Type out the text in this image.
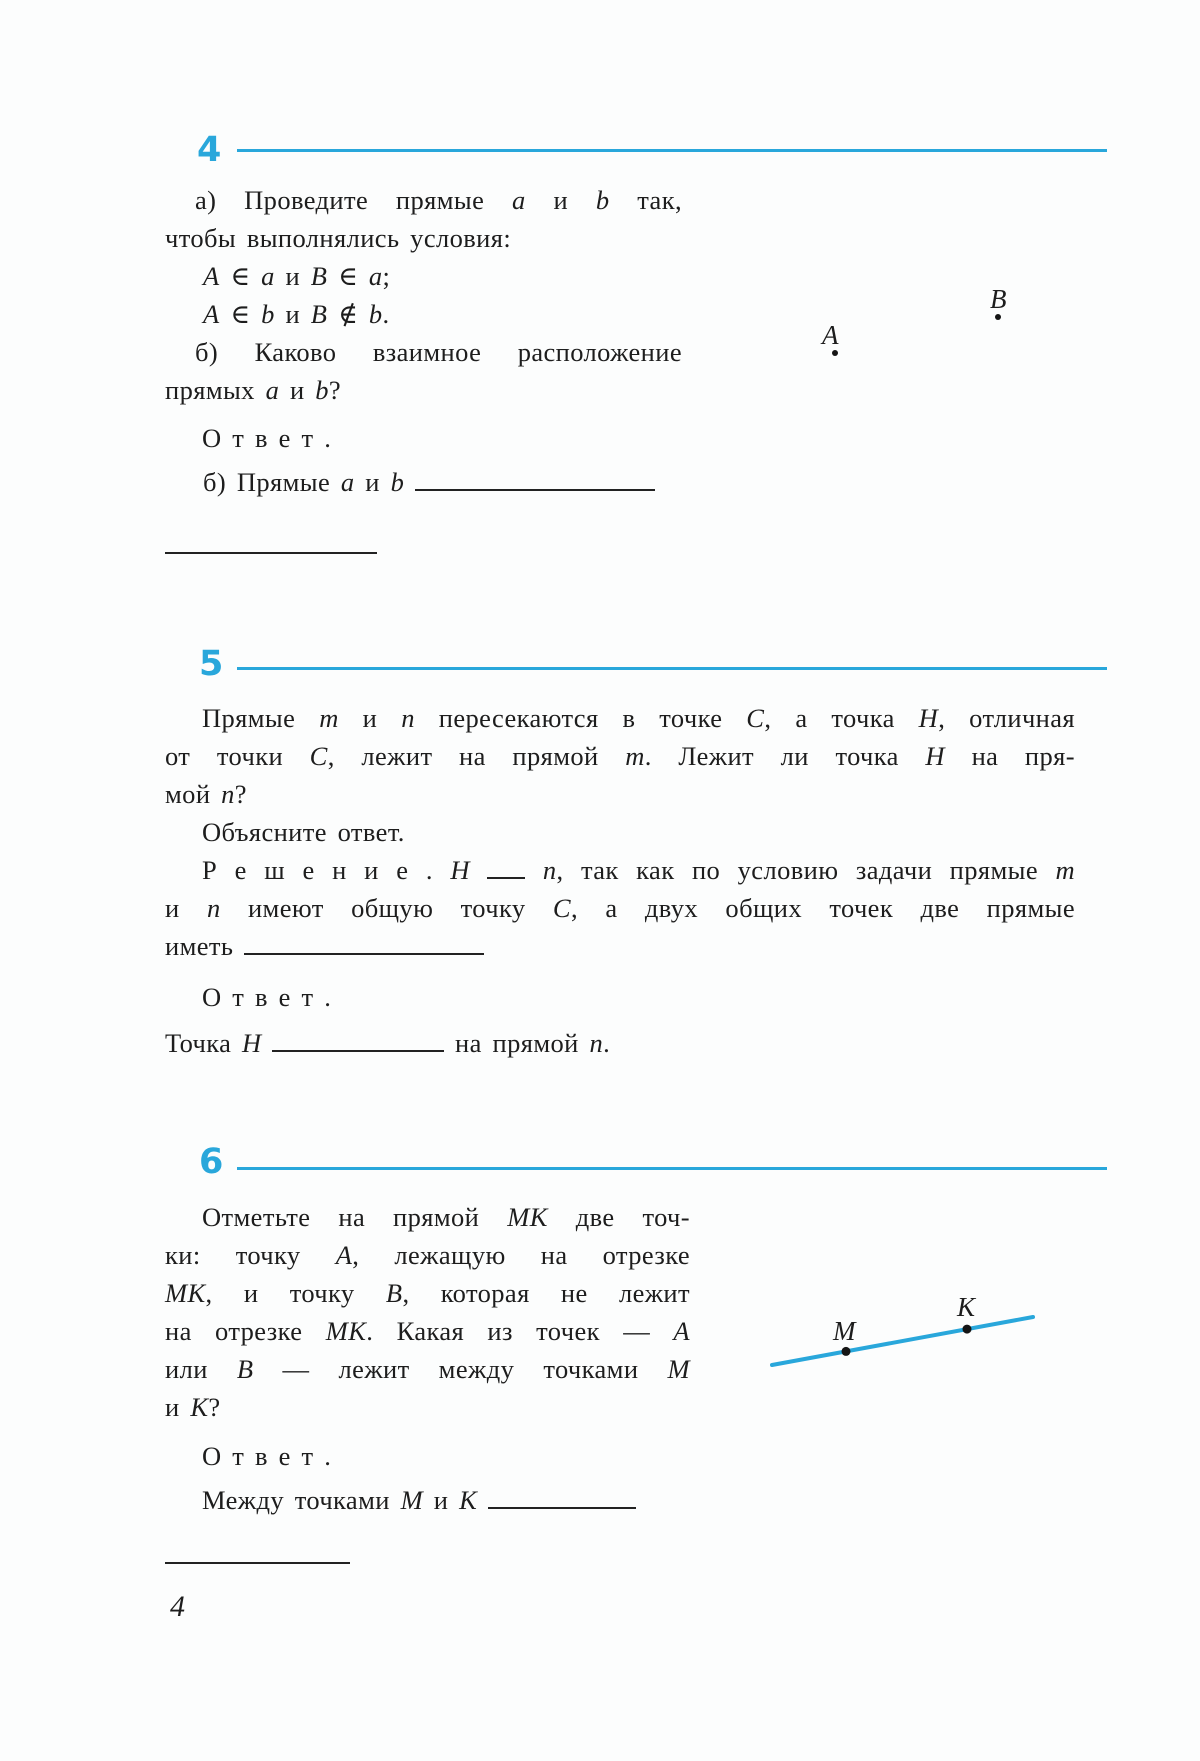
4
а) Проведите прямые a и b так,
чтобы выполнялись условия:
A ∈ a и B ∈ a;
A ∈ b и B ∉ b.
б) Каково взаимное расположение
прямых a и b?
О т в е т .
б) Прямые a и b
A
B
5
Прямые m и n пересекаются в точке C, а точка H, отличная
от точки C, лежит на прямой m. Лежит ли точка H на пря-
мой n?
Объясните ответ.
Р е ш е н и е . H	n, так как по условию задачи прямые m
и n имеют общую точку C, а двух общих точек две прямые
иметь
О т в е т .
Точка H	на прямой n.
6
Отметьте на прямой MK две точ-
ки: точку A, лежащую на отрезке
MK, и точку B, которая не лежит
на отрезке MK. Какая из точек — A
или B — лежит между точками M
и K?
M
K
О т в е т .
Между точками M и K
4
